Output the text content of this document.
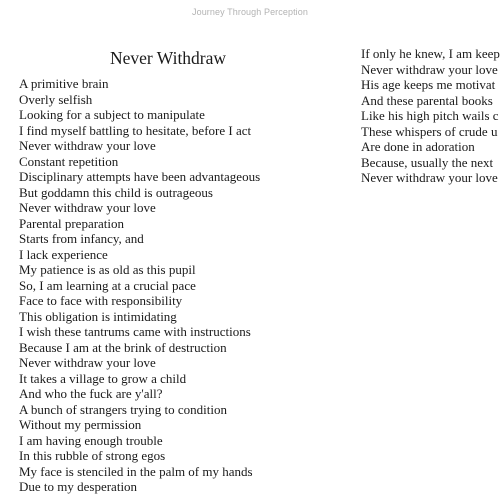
Journey Through Perception
Never Withdraw
A primitive brain
Overly selfish
Looking for a subject to manipulate
I find myself battling to hesitate, before I act
Never withdraw your love
Constant repetition
Disciplinary attempts have been advantageous
But goddamn this child is outrageous
Never withdraw your love
Parental preparation
Starts from infancy, and
I lack experience
My patience is as old as this pupil
So, I am learning at a crucial pace
Face to face with responsibility
This obligation is intimidating
I wish these tantrums came with instructions
Because I am at the brink of destruction
Never withdraw your love
It takes a village to grow a child
And who the fuck are y'all?
A bunch of strangers trying to condition
Without my permission
I am having enough trouble
In this rubble of strong egos
My face is stenciled in the palm of my hands
Due to my desperation
If only he knew, I am keep
Never withdraw your love
His age keeps me motivat
And these parental books
Like his high pitch wails c
These whispers of crude u
Are done in adoration
Because, usually the next
Never withdraw your love
